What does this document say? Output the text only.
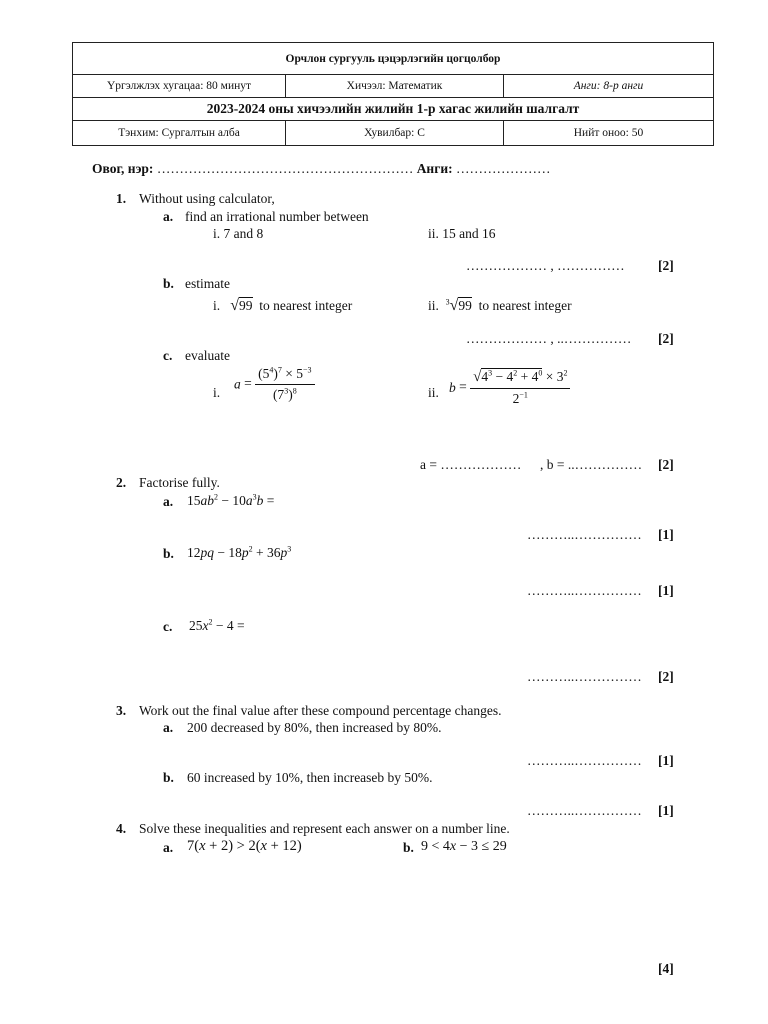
Орчлон сургууль цэцэрлэгийн цогцолбор		
Үргэлжлэх хугацаа: 80 минут	Хичээл: Математик	Анги: 8-р анги
2023-2024 оны хичээлийн жилийн 1-р хагас жилийн шалгалт		
Тэнхим: Сургалтын алба	Хувилбар: С	Нийт оноо: 50
Овог, нэр: ………………………………………………… Анги: …………………
1. Without using calculator,
a. find an irrational number between
i. 7 and 8	ii. 15 and 16
……………… , …………… [2]
b. estimate
i. √99 to nearest integer	ii. $^3$√99 to nearest integer
……………… , ..…………… [2]
c. evaluate
i.
$a = \frac{(5^4)^7 \times 5^{-3}}{(7^3)^8}$	ii. $b = \frac{√4^3 - 4^2 + 4^0 \times 3^2}{2^{-1}}$
a = ……………… , b = ..…………… [2]
2. Factorise fully.
a. $15ab^2 - 10a^3b$ =
………..…………… [1]
b. $12pq - 18p^2 + 36p^3$
………..…………… [1]
c. $25x^2 - 4$ =
………..…………… [2]
3. Work out the final value after these compound percentage changes.
a. 200 decreased by 80%, then increased by 80%.
………..…………… [1]
b. 60 increased by 10%, then increaseb by 50%.
………..…………… [1]
4. Solve these inequalities and represent each answer on a number line.
a. 7(x + 2) > 2(x + 12)	b. 9 < 4x − 3 ≤ 29
[4]
